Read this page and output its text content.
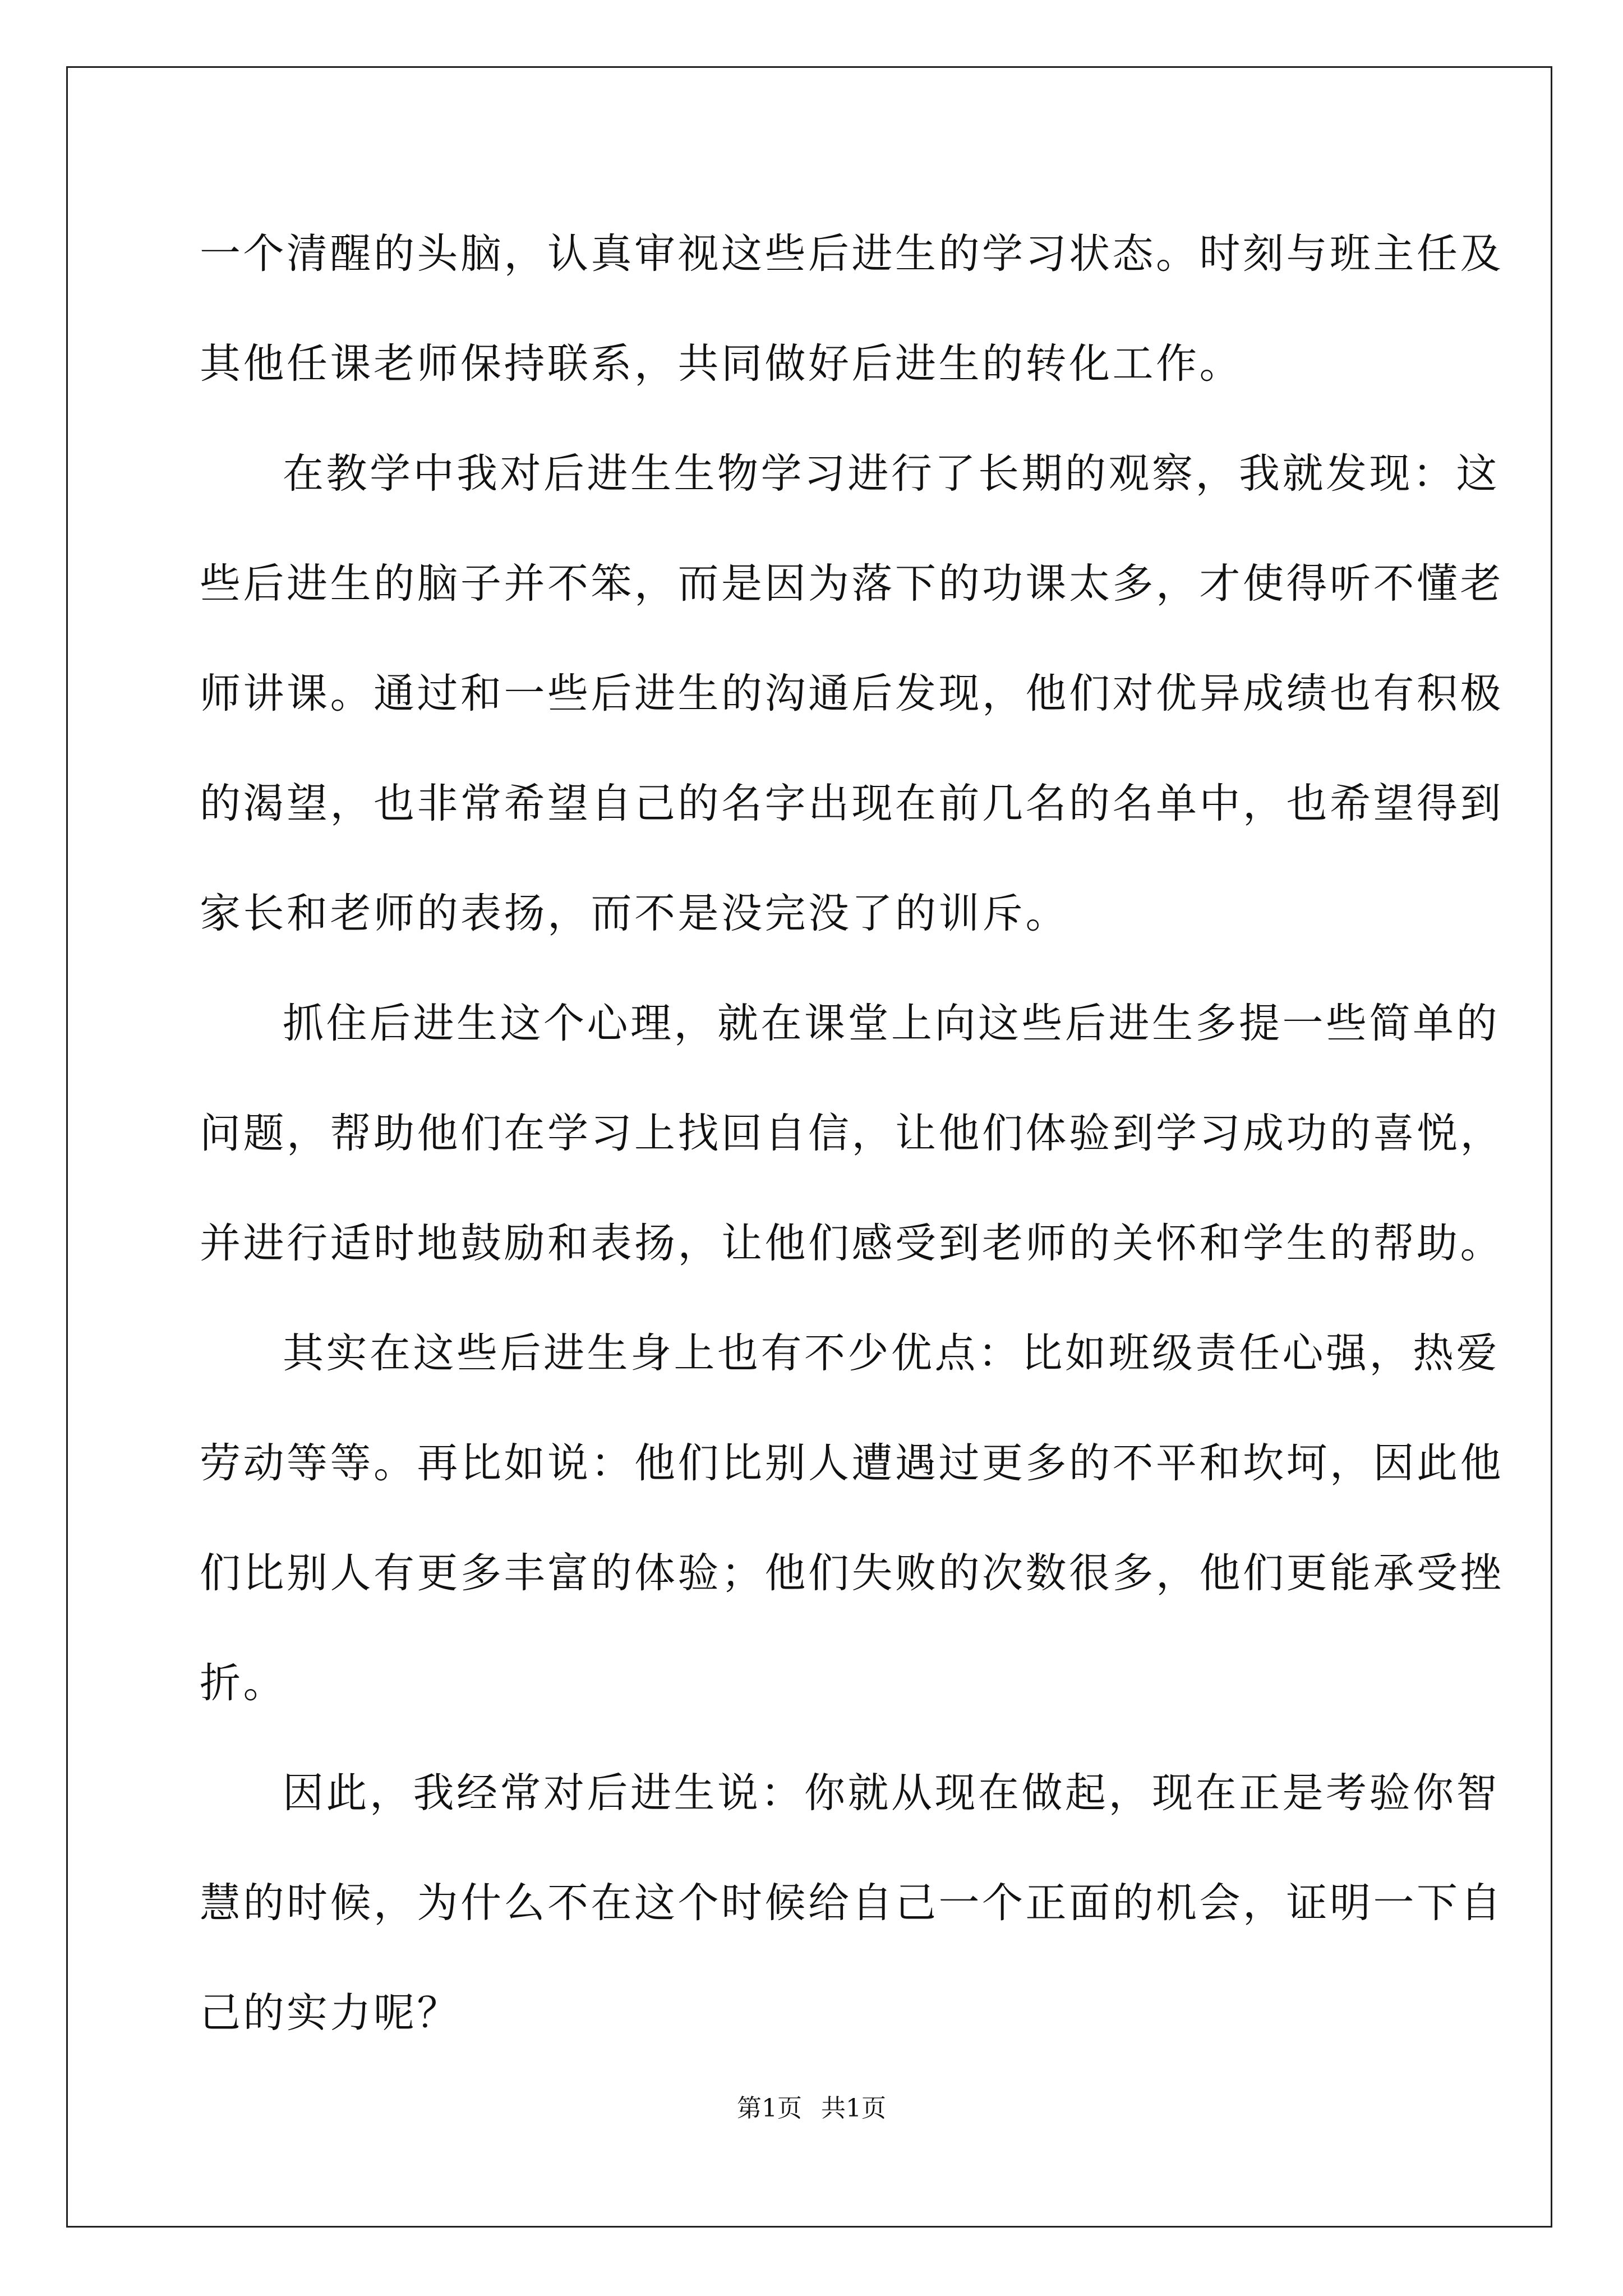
一个清醒的头脑，认真审视这些后进生的学习状态。时刻与班主任及
其他任课老师保持联系，共同做好后进生的转化工作。
在教学中我对后进生生物学习进行了长期的观察，我就发现：这
些后进生的脑子并不笨，而是因为落下的功课太多，才使得听不懂老
师讲课。通过和一些后进生的沟通后发现，他们对优异成绩也有积极
的渴望，也非常希望自己的名字出现在前几名的名单中，也希望得到
家长和老师的表扬，而不是没完没了的训斥。
抓住后进生这个心理，就在课堂上向这些后进生多提一些简单的
问题，帮助他们在学习上找回自信，让他们体验到学习成功的喜悦，
并进行适时地鼓励和表扬，让他们感受到老师的关怀和学生的帮助。
其实在这些后进生身上也有不少优点：比如班级责任心强，热爱
劳动等等。再比如说：他们比别人遭遇过更多的不平和坎坷，因此他
们比别人有更多丰富的体验；他们失败的次数很多，他们更能承受挫
折。
因此，我经常对后进生说：你就从现在做起，现在正是考验你智
慧的时候，为什么不在这个时候给自己一个正面的机会，证明一下自
己的实力呢？
第1页 共1页
